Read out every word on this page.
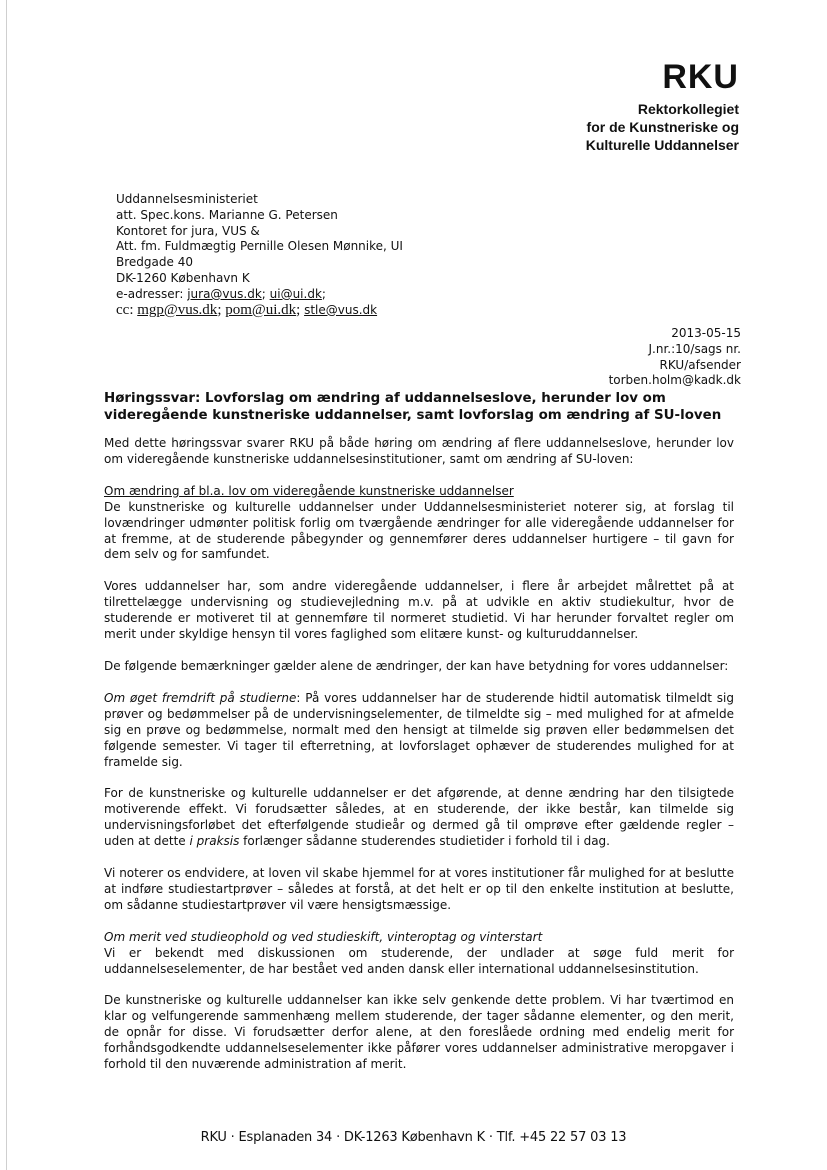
RKU
Rektorkollegiet
for de Kunstneriske og
Kulturelle Uddannelser
Uddannelsesministeriet
att. Spec.kons. Marianne G. Petersen
Kontoret for jura, VUS &
Att. fm. Fuldmægtig Pernille Olesen Mønnike, UI
Bredgade 40
DK-1260 København K
e-adresser: jura@vus.dk; ui@ui.dk;
cc: mgp@vus.dk; pom@ui.dk; stle@vus.dk
2013-05-15
J.nr.:10/sags nr.
RKU/afsender
torben.holm@kadk.dk
Høringssvar: Lovforslag om ændring af uddannelseslove, herunder lov om videregående kunstneriske uddannelser, samt lovforslag om ændring af SU-loven

Med dette høringssvar svarer RKU på både høring om ændring af flere uddannelseslove, herunder lov om videregående kunstneriske uddannelsesinstitutioner, samt om ændring af SU-loven:

Om ændring af bl.a. lov om videregående kunstneriske uddannelser
De kunstneriske og kulturelle uddannelser under Uddannelsesministeriet noterer sig, at forslag til lovændringer udmønter politisk forlig om tværgående ændringer for alle videregående uddannelser for at fremme, at de studerende påbegynder og gennemfører deres uddannelser hurtigere – til gavn for dem selv og for samfundet.

Vores uddannelser har, som andre videregående uddannelser, i flere år arbejdet målrettet på at tilrettelægge undervisning og studievejledning m.v. på at udvikle en aktiv studiekultur, hvor de studerende er motiveret til at gennemføre til normeret studietid. Vi har herunder forvaltet regler om merit under skyldige hensyn til vores faglighed som elitære kunst- og kulturuddannelser.

De følgende bemærkninger gælder alene de ændringer, der kan have betydning for vores uddannelser:

Om øget fremdrift på studierne: På vores uddannelser har de studerende hidtil automatisk tilmeldt sig prøver og bedømmelser på de undervisningselementer, de tilmeldte sig – med mulighed for at afmelde sig en prøve og bedømmelse, normalt med den hensigt at tilmelde sig prøven eller bedømmelsen det følgende semester. Vi tager til efterretning, at lovforslaget ophæver de studerendes mulighed for at framelde sig.

For de kunstneriske og kulturelle uddannelser er det afgørende, at denne ændring har den tilsigtede motiverende effekt. Vi forudsætter således, at en studerende, der ikke består, kan tilmelde sig undervisningsforløbet det efterfølgende studieår og dermed gå til omprøve efter gældende regler – uden at dette i praksis forlænger sådanne studerendes studietider i forhold til i dag.

Vi noterer os endvidere, at loven vil skabe hjemmel for at vores institutioner får mulighed for at beslutte at indføre studiestartprøver – således at forstå, at det helt er op til den enkelte institution at beslutte, om sådanne studiestartprøver vil være hensigtsmæssige.

Om merit ved studieophold og ved studieskift, vinteroptag og vinterstart
Vi er bekendt med diskussionen om studerende, der undlader at søge fuld merit for uddannelseselementer, de har bestået ved anden dansk eller international uddannelsesinstitution.

De kunstneriske og kulturelle uddannelser kan ikke selv genkende dette problem. Vi har tværtimod en klar og velfungerende sammenhæng mellem studerende, der tager sådanne elementer, og den merit, de opnår for disse. Vi forudsætter derfor alene, at den foreslåede ordning med endelig merit for forhåndsgodkendte uddannelseselementer ikke påfører vores uddannelser administrative meropgaver i forhold til den nuværende administration af merit.

RKU · Esplanaden 34 · DK-1263 København K · Tlf. +45 22 57 03 13
